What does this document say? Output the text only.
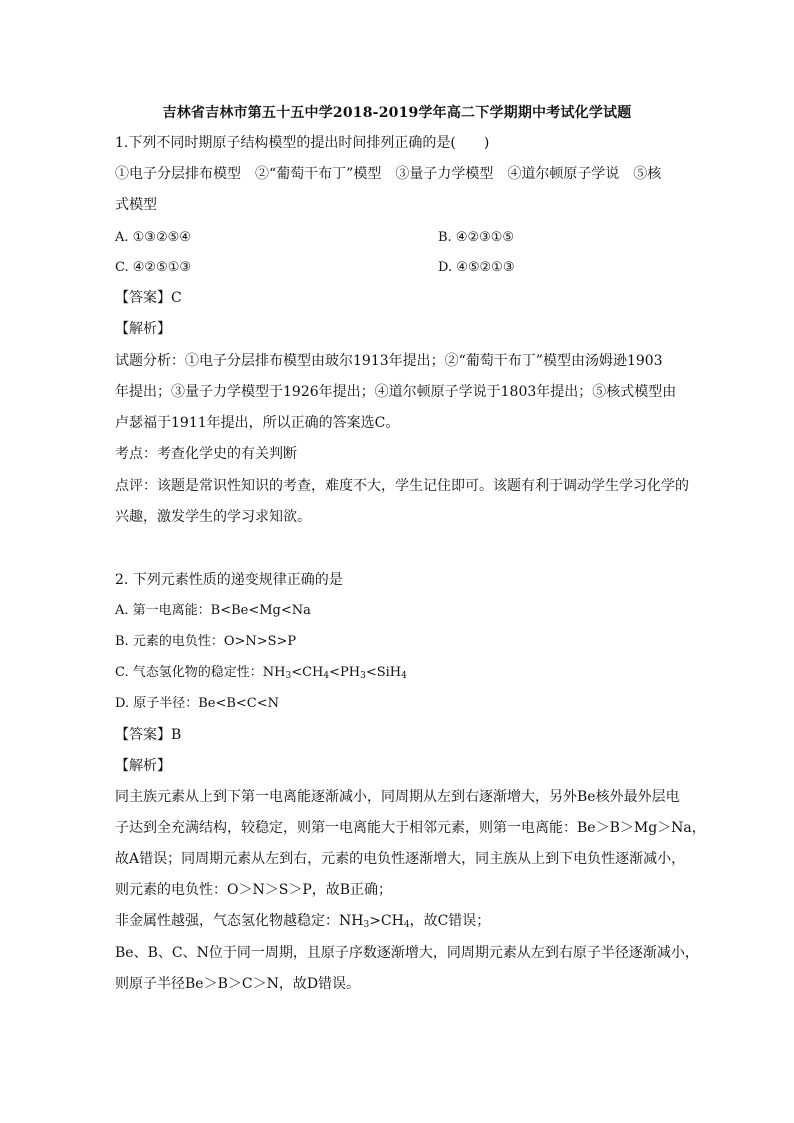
吉林省吉林市第五十五中学2018-2019学年高二下学期期中考试化学试题
1.下列不同时期原子结构模型的提出时间排列正确的是(　　)
①电子分层排布模型　②“葡萄干布丁”模型　③量子力学模型　④道尔顿原子学说　⑤核
式模型
A. ①③②⑤④	B. ④②③①⑤
C. ④②⑤①③	D. ④⑤②①③
【答案】C
【解析】
试题分析：①电子分层排布模型由玻尔1913年提出；②“葡萄干布丁”模型由汤姆逊1903
年提出；③量子力学模型于1926年提出；④道尔顿原子学说于1803年提出；⑤核式模型由
卢瑟福于1911年提出，所以正确的答案选C。
考点：考查化学史的有关判断
点评：该题是常识性知识的考查，难度不大，学生记住即可。该题有利于调动学生学习化学的
兴趣，激发学生的学习求知欲。
2. 下列元素性质的递变规律正确的是
A. 第一电离能：B<Be<Mg<Na
B. 元素的电负性：O>N>S>P
C. 气态氢化物的稳定性：$NH_3<CH_4<PH_3<SiH_4$
D. 原子半径：Be<B<C<N
【答案】B
【解析】
同主族元素从上到下第一电离能逐渐减小，同周期从左到右逐渐增大，另外Be核外最外层电
子达到全充满结构，较稳定，则第一电离能大于相邻元素，则第一电离能：Be＞B＞Mg＞Na，
故A错误；同周期元素从左到右，元素的电负性逐渐增大，同主族从上到下电负性逐渐减小，
则元素的电负性：O＞N＞S＞P，故B正确；
非金属性越强，气态氢化物越稳定：$NH_3>CH_4$，故C错误；
Be、B、C、N位于同一周期，且原子序数逐渐增大，同周期元素从左到右原子半径逐渐减小，
则原子半径Be＞B＞C＞N，故D错误。
